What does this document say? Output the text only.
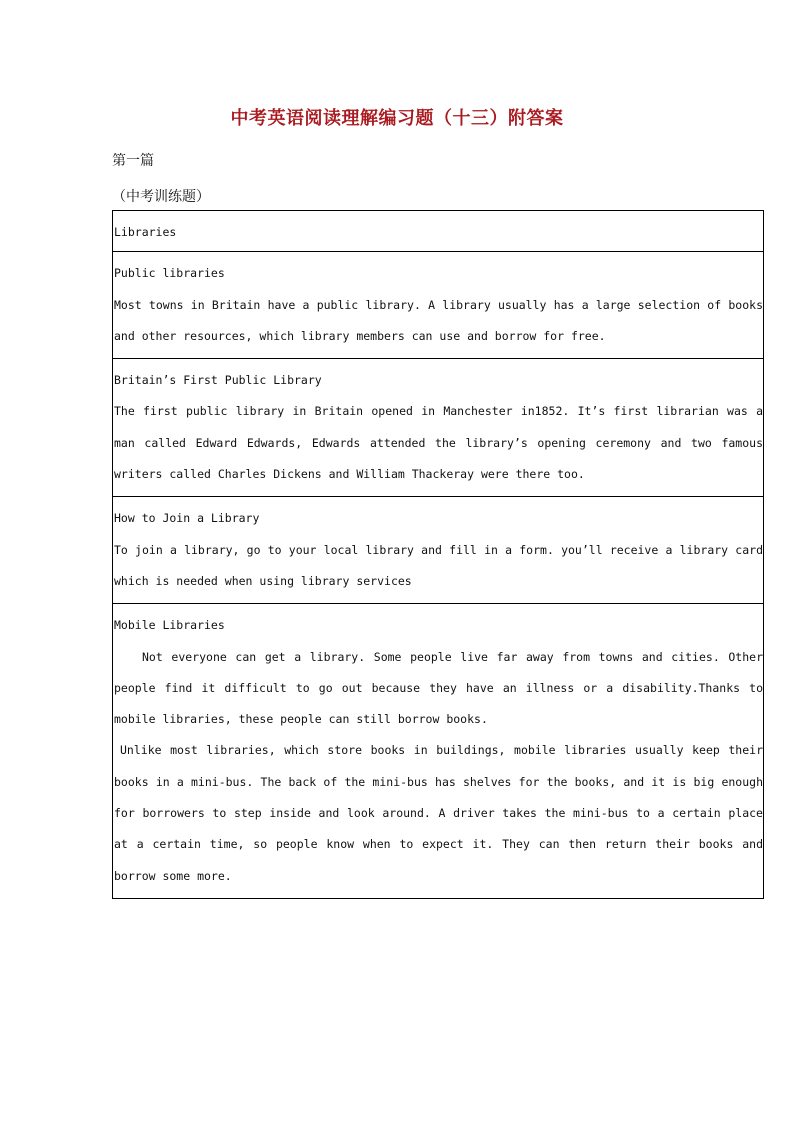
中考英语阅读理解编习题（十三）附答案
第一篇
（中考训练题）
Libraries

Public libraries
Most towns in Britain have a public library. A library usually has a large selection of books and other resources, which library members can use and borrow for free.

Britain’s First Public Library
The first public library in Britain opened in Manchester in1852. It’s first librarian was a man called Edward Edwards, Edwards attended the library’s opening ceremony and two famous writers called Charles Dickens and William Thackeray were there too.

How to Join a Library
To join a library, go to your local library and fill in a form. you’ll receive a library card which is needed when using library services

Mobile Libraries
Not everyone can get a library. Some people live far away from towns and cities. Other people find it difficult to go out because they have an illness or a disability.Thanks to mobile libraries, these people can still borrow books.
Unlike most libraries, which store books in buildings, mobile libraries usually keep their books in a mini-bus. The back of the mini-bus has shelves for the books, and it is big enough for borrowers to step inside and look around. A driver takes the mini-bus to a certain place at a certain time, so people know when to expect it. They can then return their books and borrow some more.
